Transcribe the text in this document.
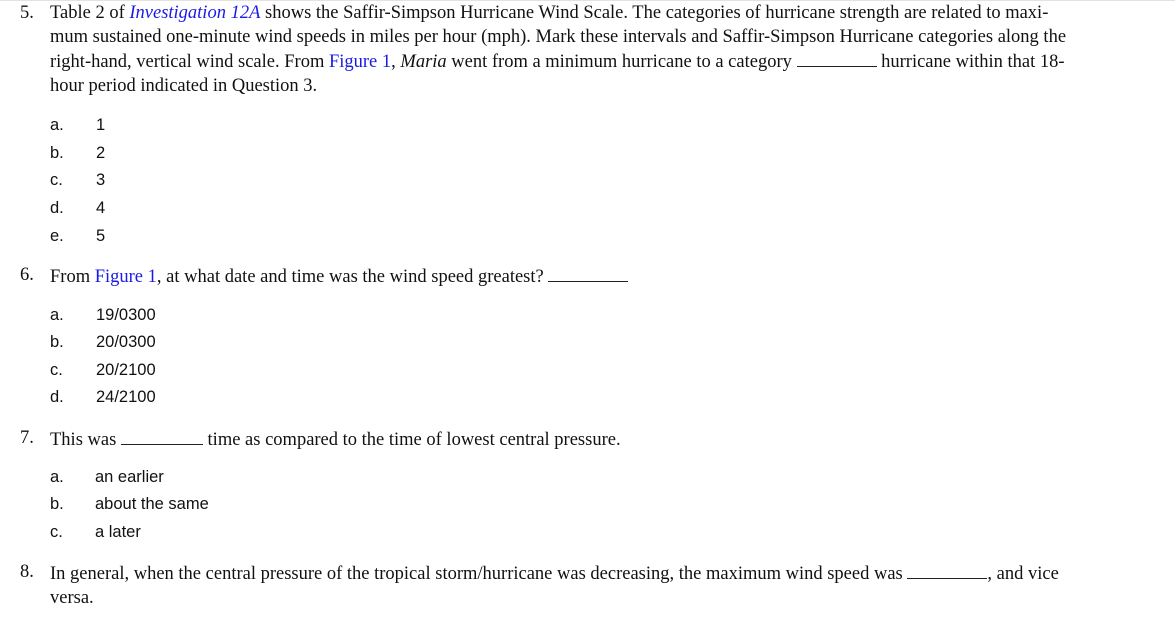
5. Table 2 of Investigation 12A shows the Saffir-Simpson Hurricane Wind Scale. The categories of hurricane strength are related to maxi-
mum sustained one-minute wind speeds in miles per hour (mph). Mark these intervals and Saffir-Simpson Hurricane categories along the
right-hand, vertical wind scale. From Figure 1, Maria went from a minimum hurricane to a category	hurricane within that 18-
hour period indicated in Question 3.
a. 1
b. 2
c. 3
d. 4
e. 5
6. From Figure 1, at what date and time was the wind speed greatest?
a. 19/0300
b. 20/0300
c. 20/2100
d. 24/2100
7. This was	time as compared to the time of lowest central pressure.
a. an earlier
b. about the same
c. a later
8. In general, when the central pressure of the tropical storm/hurricane was decreasing, the maximum wind speed was	, and vice
versa.
